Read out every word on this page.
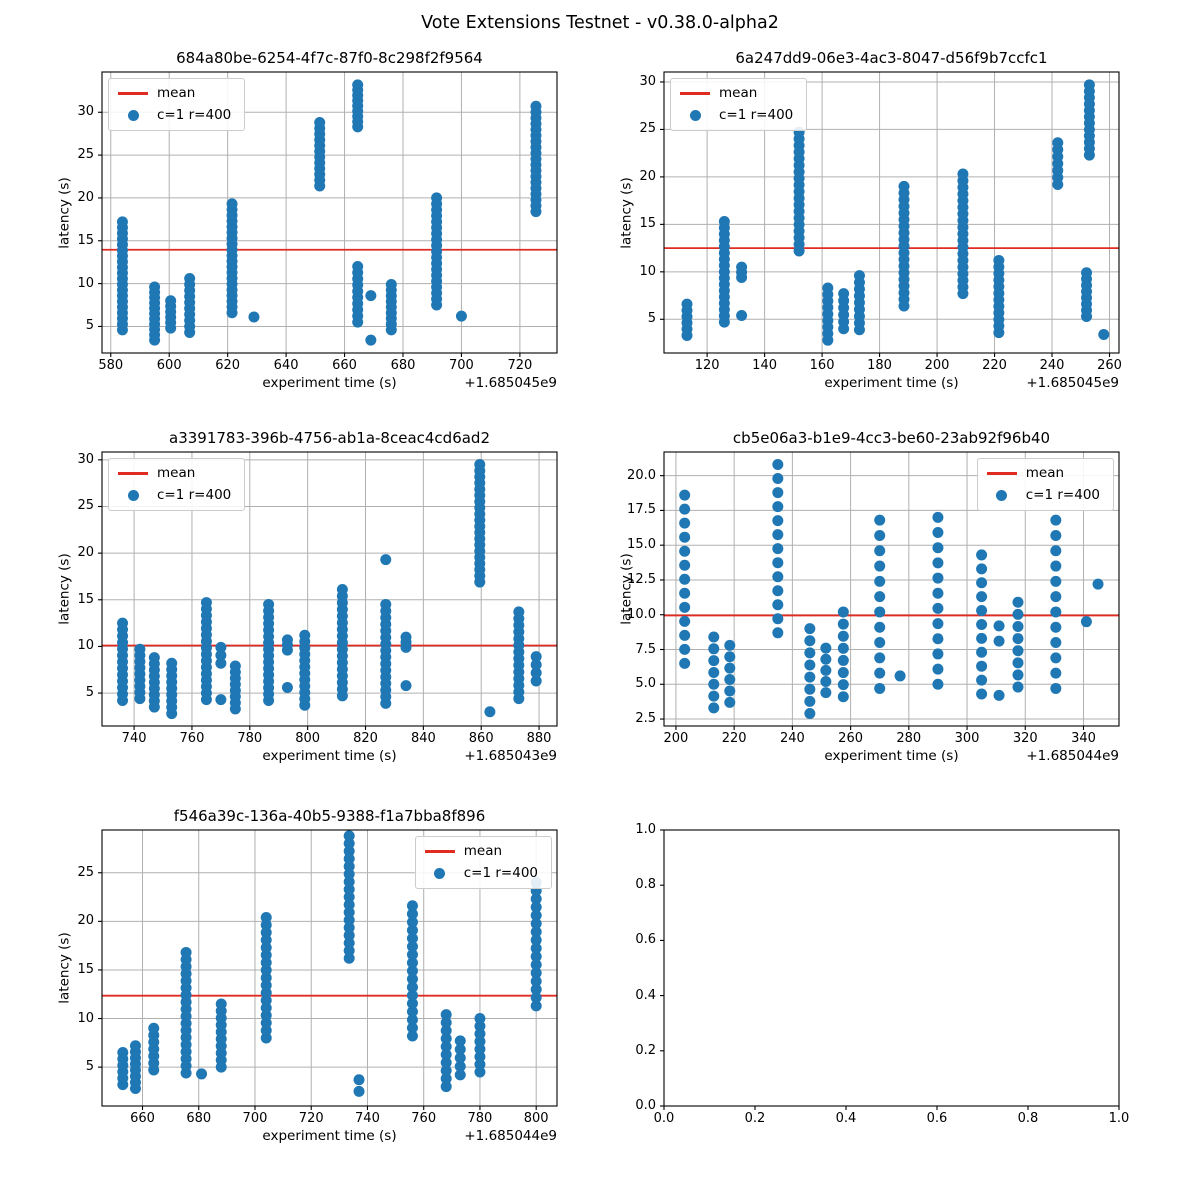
Vote Extensions Testnet - v0.38.0-alpha2
684a80be-6254-4f7c-87f0-8c298f2f9564
580	600	620	640	660	680	700	720
5
10
15
20
25
30
experiment time (s)	+1.685045e9
latency (s)
mean
c=1 r=400
6a247dd9-06e3-4ac3-8047-d56f9b7ccfc1
120	140	160	180	200	220	240	260
5
10
15
20
25
30
experiment time (s)	+1.685045e9
latency (s)
mean
c=1 r=400
a3391783-396b-4756-ab1a-8ceac4cd6ad2
740	760	780	800	820	840	860	880
5
10
15
20
25
30
experiment time (s)	+1.685043e9
latency (s)
mean
c=1 r=400
cb5e06a3-b1e9-4cc3-be60-23ab92f96b40
200	220	240	260	280	300	320	340
2.5
5.0
7.5
10.0
12.5
15.0
17.5
20.0
experiment time (s)	+1.685044e9
latency (s)
mean
c=1 r=400
f546a39c-136a-40b5-9388-f1a7bba8f896
660	680	700	720	740	760	780	800
5
10
15
20
25
experiment time (s)	+1.685044e9
latency (s)
mean
c=1 r=400
0.0	0.2	0.4	0.6	0.8	1.0
0.0
0.2
0.4
0.6
0.8
1.0
